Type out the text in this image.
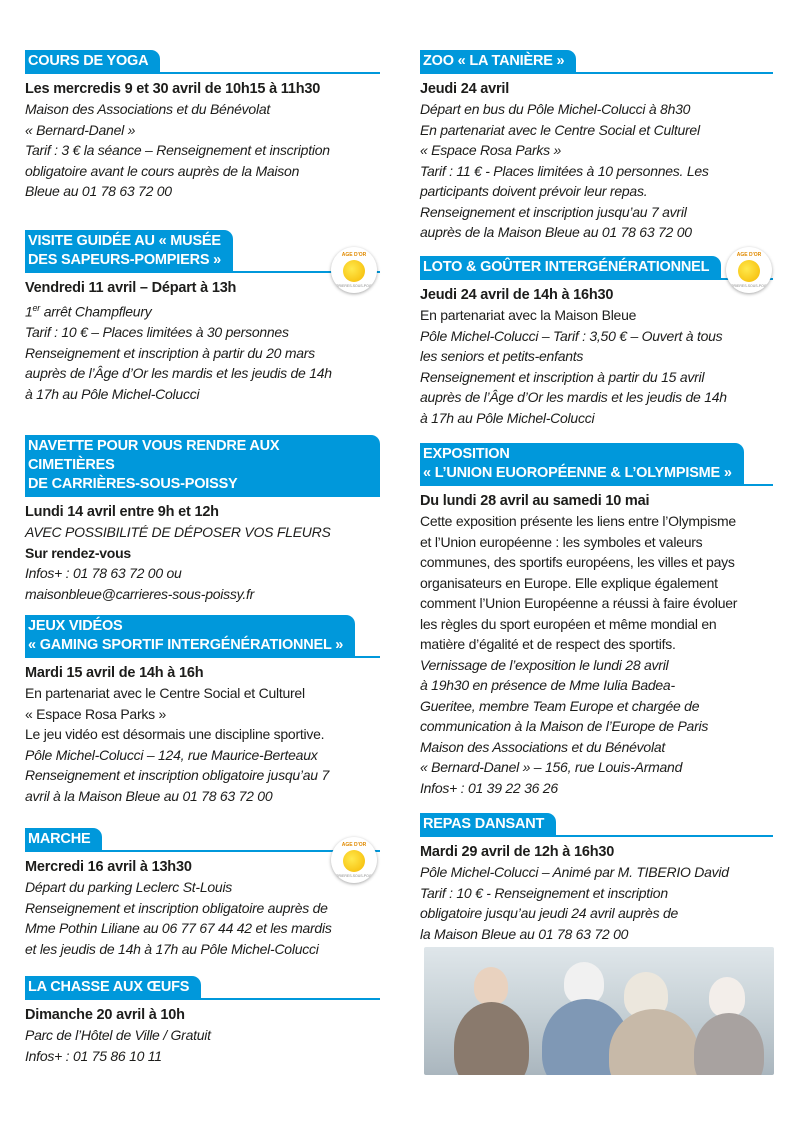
COURS DE YOGA
Les mercredis 9 et 30 avril de 10h15 à 11h30
Maison des Associations et du Bénévolat
« Bernard-Danel »
Tarif : 3 € la séance – Renseignement et inscription
obligatoire avant le cours auprès de la Maison
Bleue au 01 78 63 72 00
VISITE GUIDÉE AU « MUSÉE
DES SAPEURS-POMPIERS »
Vendredi 11 avril – Départ à 13h
1er arrêt Champfleury
Tarif : 10 € – Places limitées à 30 personnes
Renseignement et inscription à partir du 20 mars
auprès de l’Âge d’Or les mardis et les jeudis de 14h
à 17h au Pôle Michel-Colucci
NAVETTE POUR VOUS RENDRE AUX CIMETIÈRES
DE CARRIÈRES-SOUS-POISSY
Lundi 14 avril entre 9h et 12h
AVEC POSSIBILITÉ DE DÉPOSER VOS FLEURS
Sur rendez-vous
Infos+ : 01 78 63 72 00 ou
maisonbleue@carrieres-sous-poissy.fr
JEUX VIDÉOS
« GAMING SPORTIF INTERGÉNÉRATIONNEL »
Mardi 15 avril de 14h à 16h
En partenariat avec le Centre Social et Culturel
« Espace Rosa Parks »
Le jeu vidéo est désormais une discipline sportive.
Pôle Michel-Colucci – 124, rue Maurice-Berteaux
Renseignement et inscription obligatoire jusqu’au 7
avril à la Maison Bleue au 01 78 63 72 00
MARCHE
Mercredi 16 avril à 13h30
Départ du parking Leclerc St-Louis
Renseignement et inscription obligatoire auprès de
Mme Pothin Liliane au 06 77 67 44 42 et les mardis
et les jeudis de 14h à 17h au Pôle Michel-Colucci
LA CHASSE AUX ŒUFS
Dimanche 20 avril à 10h
Parc de l’Hôtel de Ville / Gratuit
Infos+ : 01 75 86 10 11
AGE D'OR
CARRIERES-SOUS-POISSY
AGE D'OR
CARRIERES-SOUS-POISSY
ZOO « LA TANIÈRE »
Jeudi 24 avril
Départ en bus du Pôle Michel-Colucci à 8h30
En partenariat avec le Centre Social et Culturel
« Espace Rosa Parks »
Tarif : 11 € - Places limitées à 10 personnes. Les
participants doivent prévoir leur repas.
Renseignement et inscription jusqu’au 7 avril
auprès de la Maison Bleue au 01 78 63 72 00
LOTO & GOÛTER INTERGÉNÉRATIONNEL
Jeudi 24 avril de 14h à 16h30
En partenariat avec la Maison Bleue
Pôle Michel-Colucci – Tarif : 3,50 € – Ouvert à tous
les seniors et petits-enfants
Renseignement et inscription à partir du 15 avril
auprès de l’Âge d’Or les mardis et les jeudis de 14h
à 17h au Pôle Michel-Colucci
EXPOSITION
« L’UNION EUOROPÉENNE & L’OLYMPISME »
Du lundi 28 avril au samedi 10 mai
Cette exposition présente les liens entre l’Olympisme
et l’Union européenne : les symboles et valeurs
communes, des sportifs européens, les villes et pays
organisateurs en Europe. Elle explique également
comment l’Union Européenne a réussi à faire évoluer
les règles du sport européen et même mondial en
matière d’égalité et de respect des sportifs.
Vernissage de l’exposition le lundi 28 avril
à 19h30 en présence de Mme Iulia Badea-
Gueritee, membre Team Europe et chargée de
communication à la Maison de l’Europe de Paris
Maison des Associations et du Bénévolat
« Bernard-Danel » – 156, rue Louis-Armand
Infos+ : 01 39 22 36 26
REPAS DANSANT
Mardi 29 avril de 12h à 16h30
Pôle Michel-Colucci – Animé par M. TIBERIO David
Tarif : 10 € - Renseignement et inscription
obligatoire jusqu’au jeudi 24 avril auprès de
la Maison Bleue au 01 78 63 72 00
AGE D'OR
CARRIERES-SOUS-POISSY
